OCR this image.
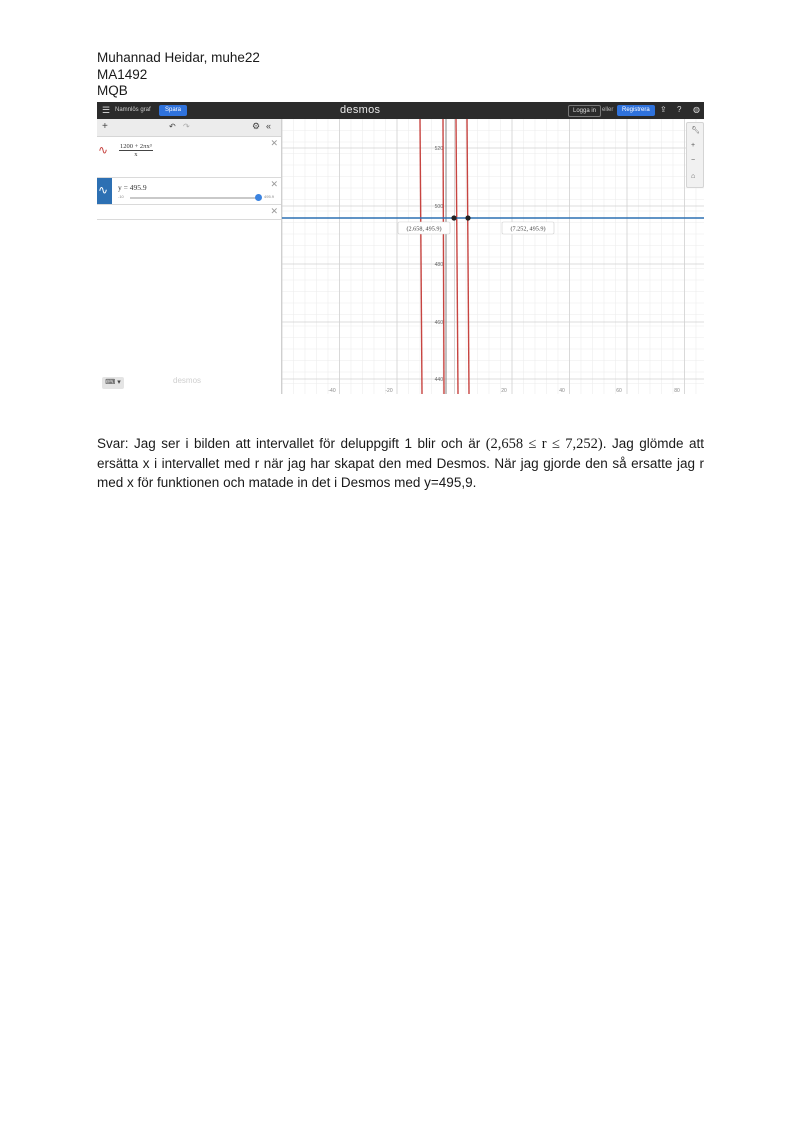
Muhannad Heidar, muhe22
MA1492
MQB
☰ Namnlös graf	Spara	desmos	Logga in eller	Registrera	⇪ ? ◍
+	↶ ↷	⚙ «
∿ $\frac{\text{1200 + 2πx³}}{x}$	✕
∿ y = 495.9
-10	495.9
✕
✕
⌨ ▾	desmos
520
500
480
460
440
-40	-20	20	40	60	80
(2.658, 495.9)	(7.252, 495.9)
🔧︎
+
−
⌂
Svar: Jag ser i bilden att intervallet för deluppgift 1 blir och är (2,658 ≤ r ≤ 7,252). Jag glömde att ersätta x i intervallet med r när jag har skapat den med Desmos. När jag gjorde den så ersatte jag r med x för funktionen och matade in det i Desmos med y=495,9.
